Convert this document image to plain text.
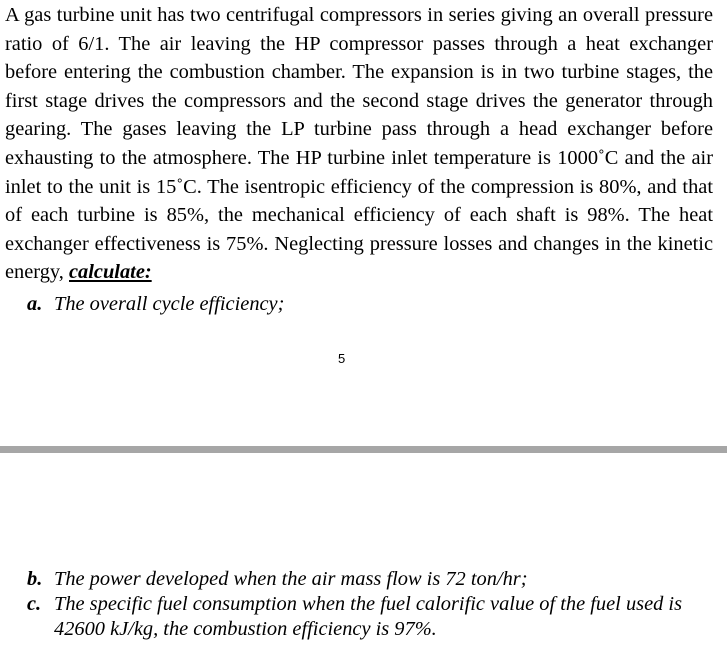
A gas turbine unit has two centrifugal compressors in series giving an overall pressure ratio of 6/1. The air leaving the HP compressor passes through a heat exchanger before entering the combustion chamber. The expansion is in two turbine stages, the first stage drives the compressors and the second stage drives the generator through gearing. The gases leaving the LP turbine pass through a head exchanger before exhausting to the atmosphere. The HP turbine inlet temperature is 1000˚C and the air inlet to the unit is 15˚C. The isentropic efficiency of the compression is 80%, and that of each turbine is 85%, the mechanical efficiency of each shaft is 98%. The heat exchanger effectiveness is 75%. Neglecting pressure losses and changes in the kinetic energy, calculate:

a. The overall cycle efficiency;
5
b. The power developed when the air mass flow is 72 ton/hr;
c. The specific fuel consumption when the fuel calorific value of the fuel used is 42600 kJ/kg, the combustion efficiency is 97%.
